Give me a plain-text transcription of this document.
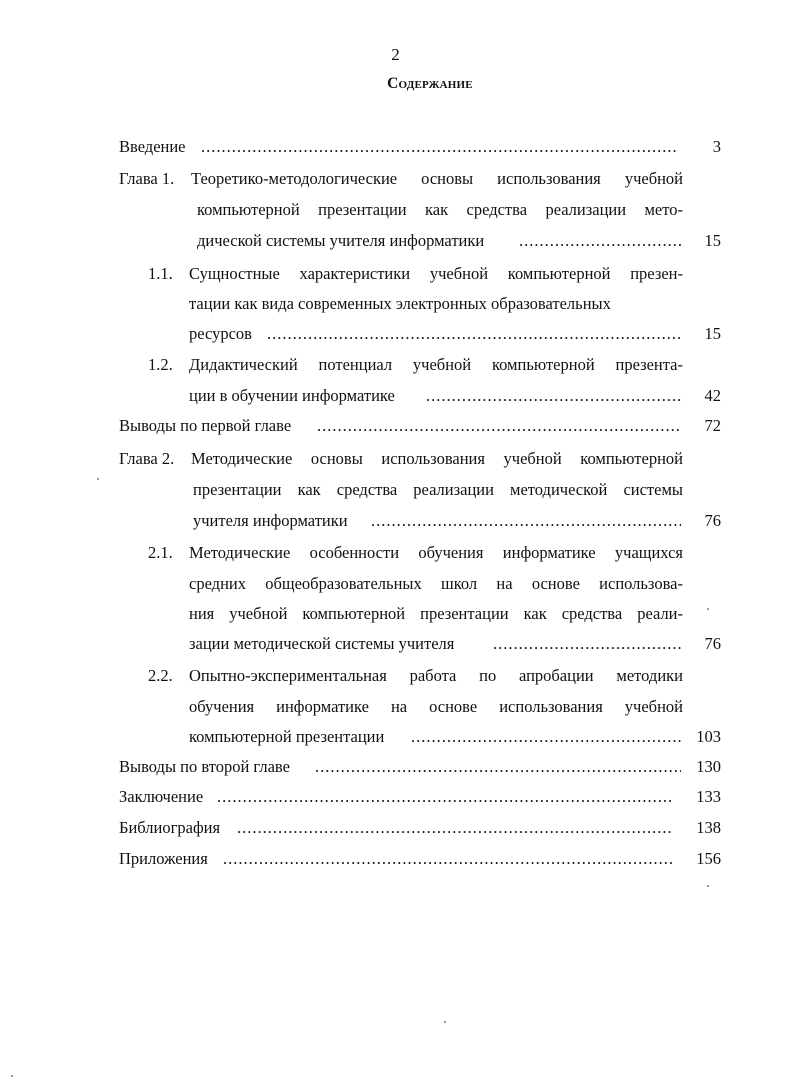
2
Содержание
Введение .....	3
Глава 1. Теоретико-методологические основы использования учебной
компьютерной презентации как средства реализации мето-
дической системы учителя информатики .....	15
1.1. Сущностные характеристики учебной компьютерной презен-
тации как вида современных электронных образовательных
ресурсов .....	15
1.2. Дидактический потенциал учебной компьютерной презента-
ции в обучении информатике .....	42
Выводы по первой главе .....	72
Глава 2. Методические основы использования учебной компьютерной
презентации как средства реализации методической системы
учителя информатики .....	76
2.1. Методические особенности обучения информатике учащихся
средних общеобразовательных школ на основе использова-
ния учебной компьютерной презентации как средства реали-
зации методической системы учителя .....	76
2.2. Опытно-экспериментальная работа по апробации методики
обучения информатике на основе использования учебной
компьютерной презентации .....	103
Выводы по второй главе .....	130
Заключение .....	133
Библиография .....	138
Приложения .....	156
